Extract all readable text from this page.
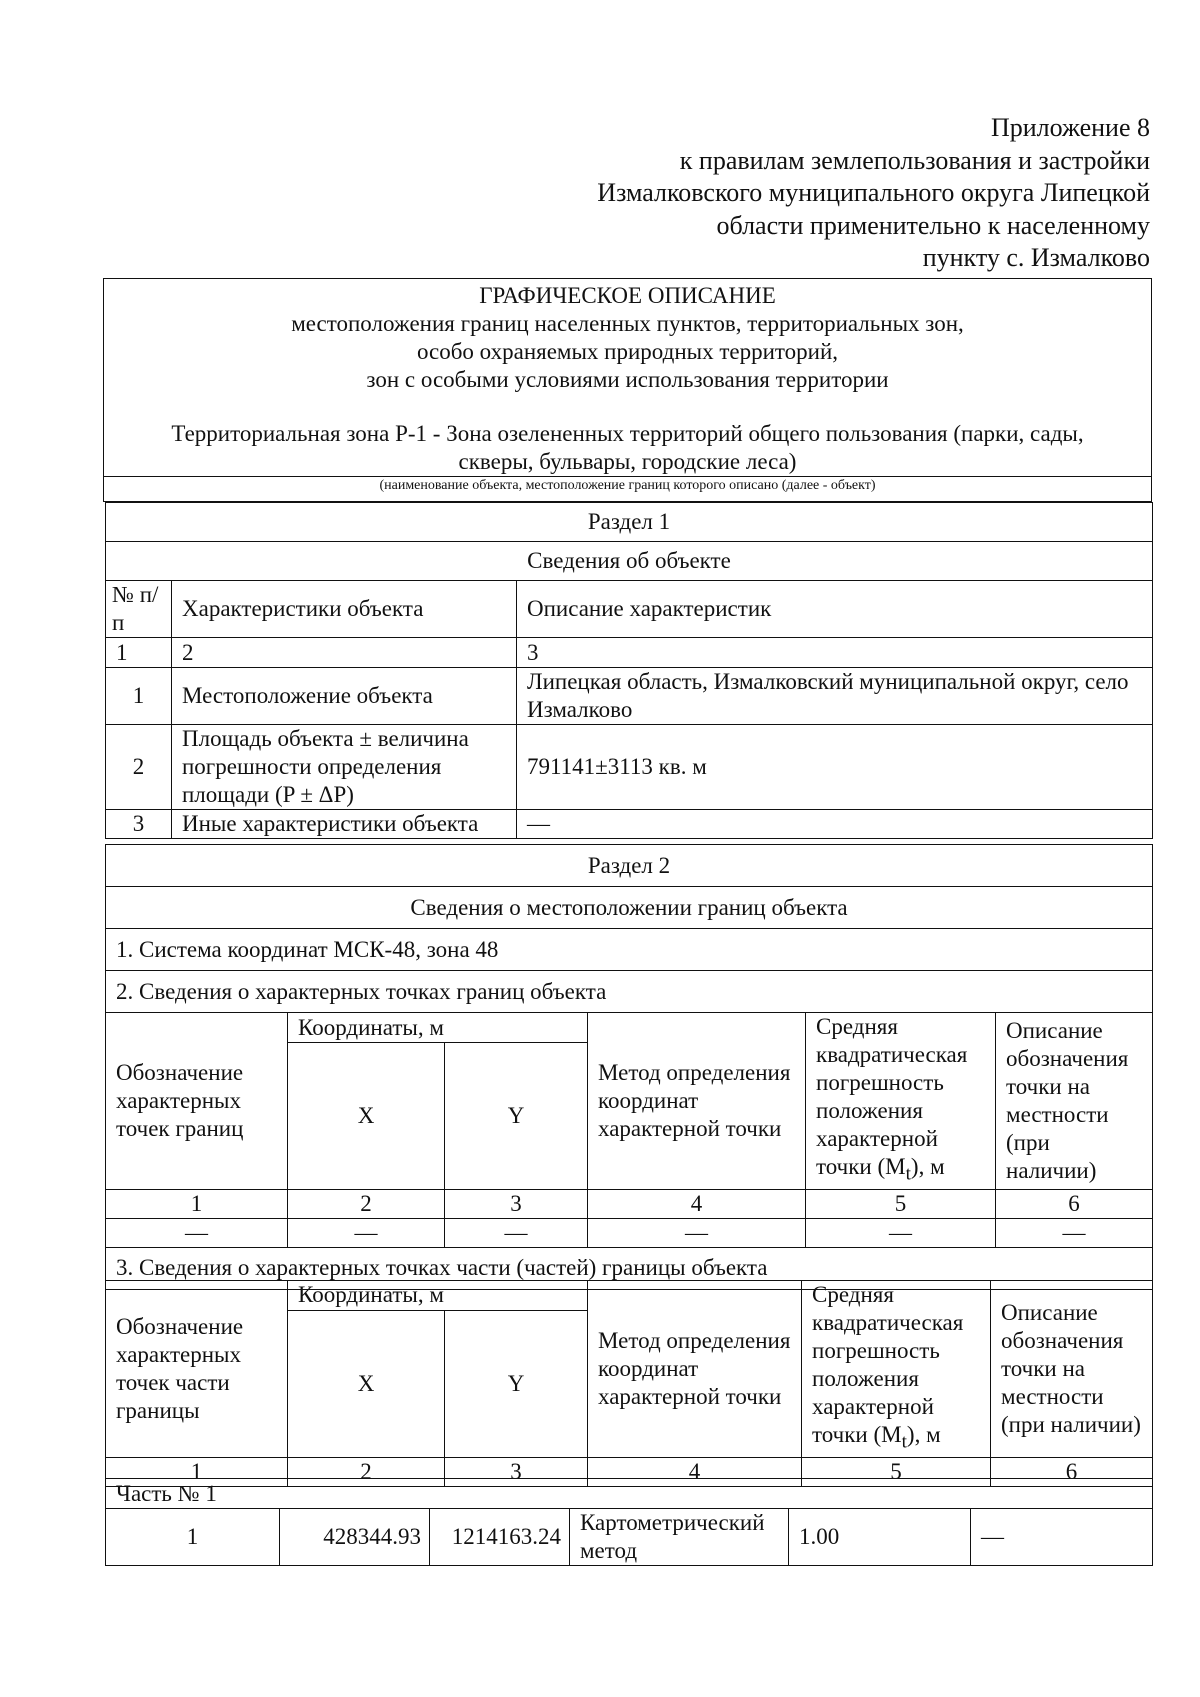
Приложение 8
к правилам землепользования и застройки
Измалковского муниципального округа Липецкой
области применительно к населенному
пункту с. Измалково
ГРАФИЧЕСКОЕ ОПИСАНИЕ
местоположения границ населенных пунктов, территориальных зон,
особо охраняемых природных территорий,
зон с особыми условиями использования территории
Территориальная зона Р-1 - Зона озелененных территорий общего пользования (парки, сады,
скверы, бульвары, городские леса)
(наименование объекта, местоположение границ которого описано (далее - объект)
Раздел 1		
Сведения об объекте		
№ п/п	Характеристики объекта	Описание характеристик
1	2	3
1	Местоположение объекта	Липецкая область, Измалковский муниципальной округ, село Измалково
2	Площадь объекта ± величина погрешности определения площади (P ± ΔP)	791141±3113 кв. м
3	Иные характеристики объекта	—
Раздел 2
Сведения о местоположении границ объекта
1. Система координат МСК-48, зона 48
2. Сведения о характерных точках границ объекта
Обозначение характерных точек границ	Координаты, м		Метод определения координат характерной точки	Средняя квадратическая погрешность положения характерной точки $(M_t)$, м	Описание обозначения точки на местности (при наличии)
	X	Y			
1	2	3	4	5	6
—	—	—	—	—	—
3. Сведения о характерных точках части (частей) границы объекта					
Обозначение характерных точек части границы	Координаты, м		Метод определения координат характерной точки	Средняя квадратическая погрешность положения характерной точки $(M_t)$, м	Описание обозначения точки на местности (при наличии)
	X	Y			
1	2	3	4	5	6
Часть № 1
1	428344.93	1214163.24	Картометрический метод	1.00	—
